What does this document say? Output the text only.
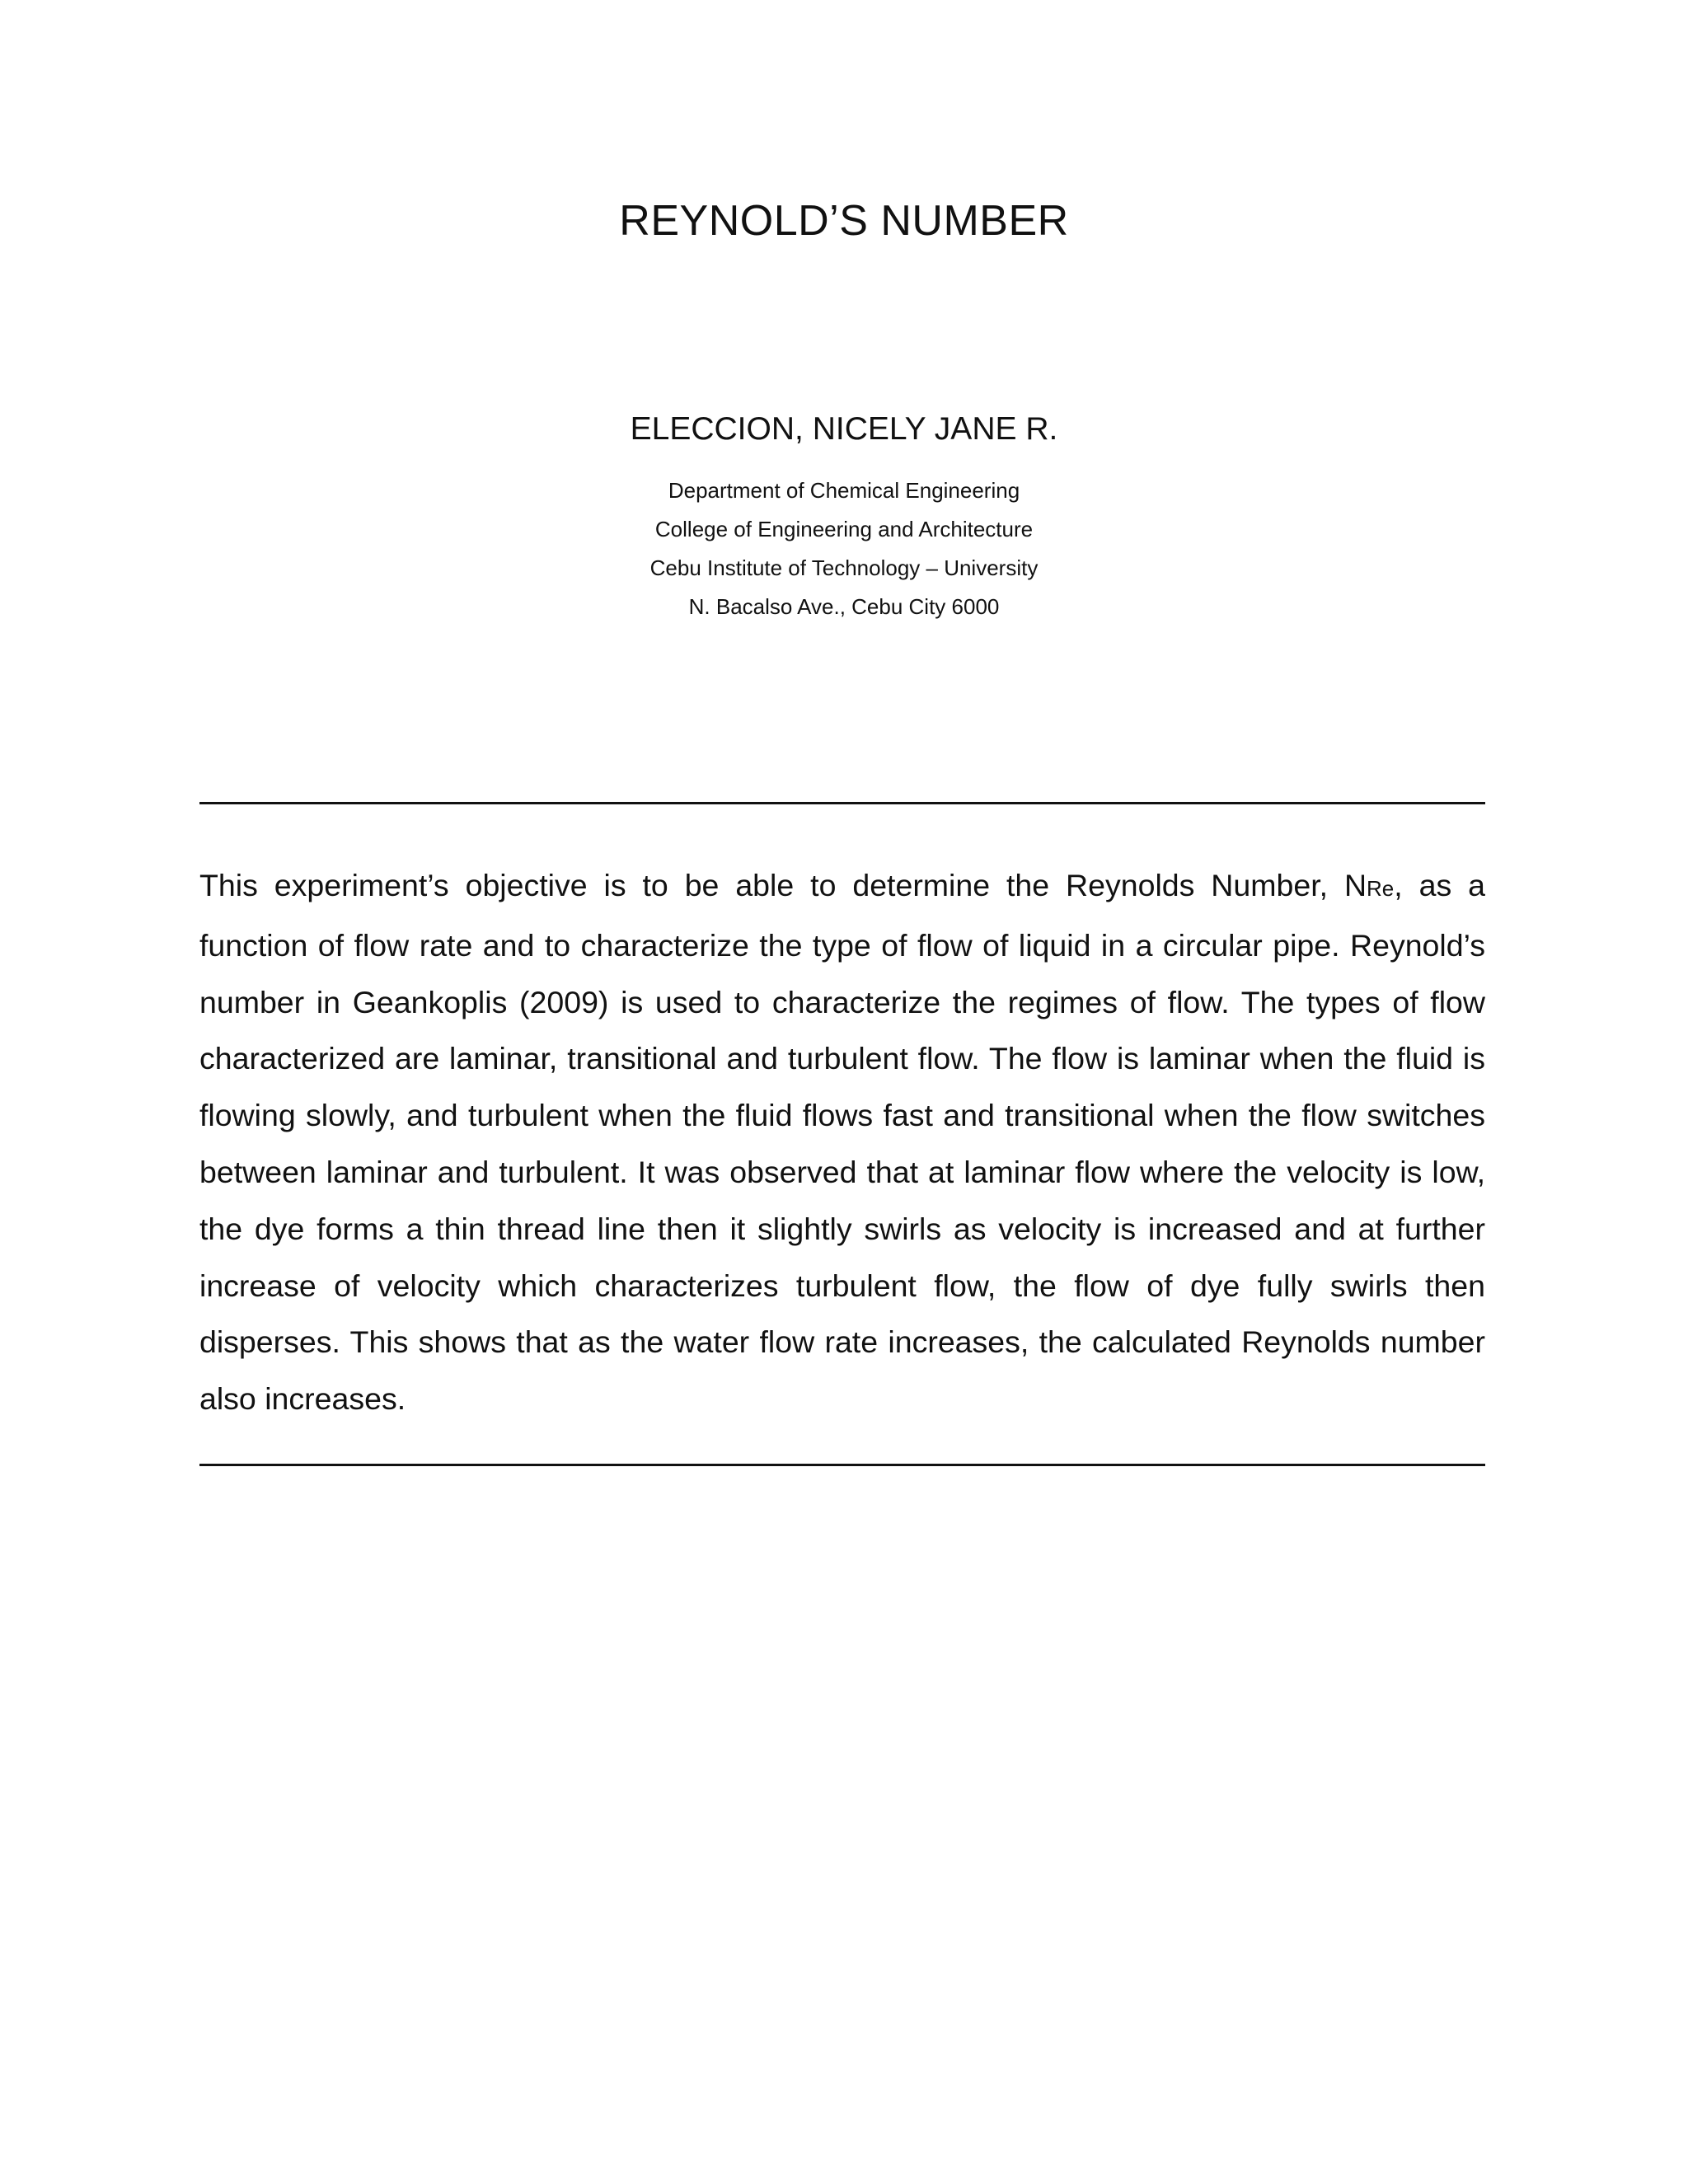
REYNOLD’S NUMBER
ELECCION, NICELY JANE R.
Department of Chemical Engineering
College of Engineering and Architecture
Cebu Institute of Technology – University
N. Bacalso Ave., Cebu City 6000
This experiment’s objective is to be able to determine the Reynolds Number, NRe, as a function of flow rate and to characterize the type of flow of liquid in a circular pipe. Reynold’s number in Geankoplis (2009) is used to characterize the regimes of flow. The types of flow characterized are laminar, transitional and turbulent flow. The flow is laminar when the fluid is flowing slowly, and turbulent when the fluid flows fast and transitional when the flow switches between laminar and turbulent. It was observed that at laminar flow where the velocity is low, the dye forms a thin thread line then it slightly swirls as velocity is increased and at further increase of velocity which characterizes turbulent flow, the flow of dye fully swirls then disperses. This shows that as the water flow rate increases, the calculated Reynolds number also increases.
